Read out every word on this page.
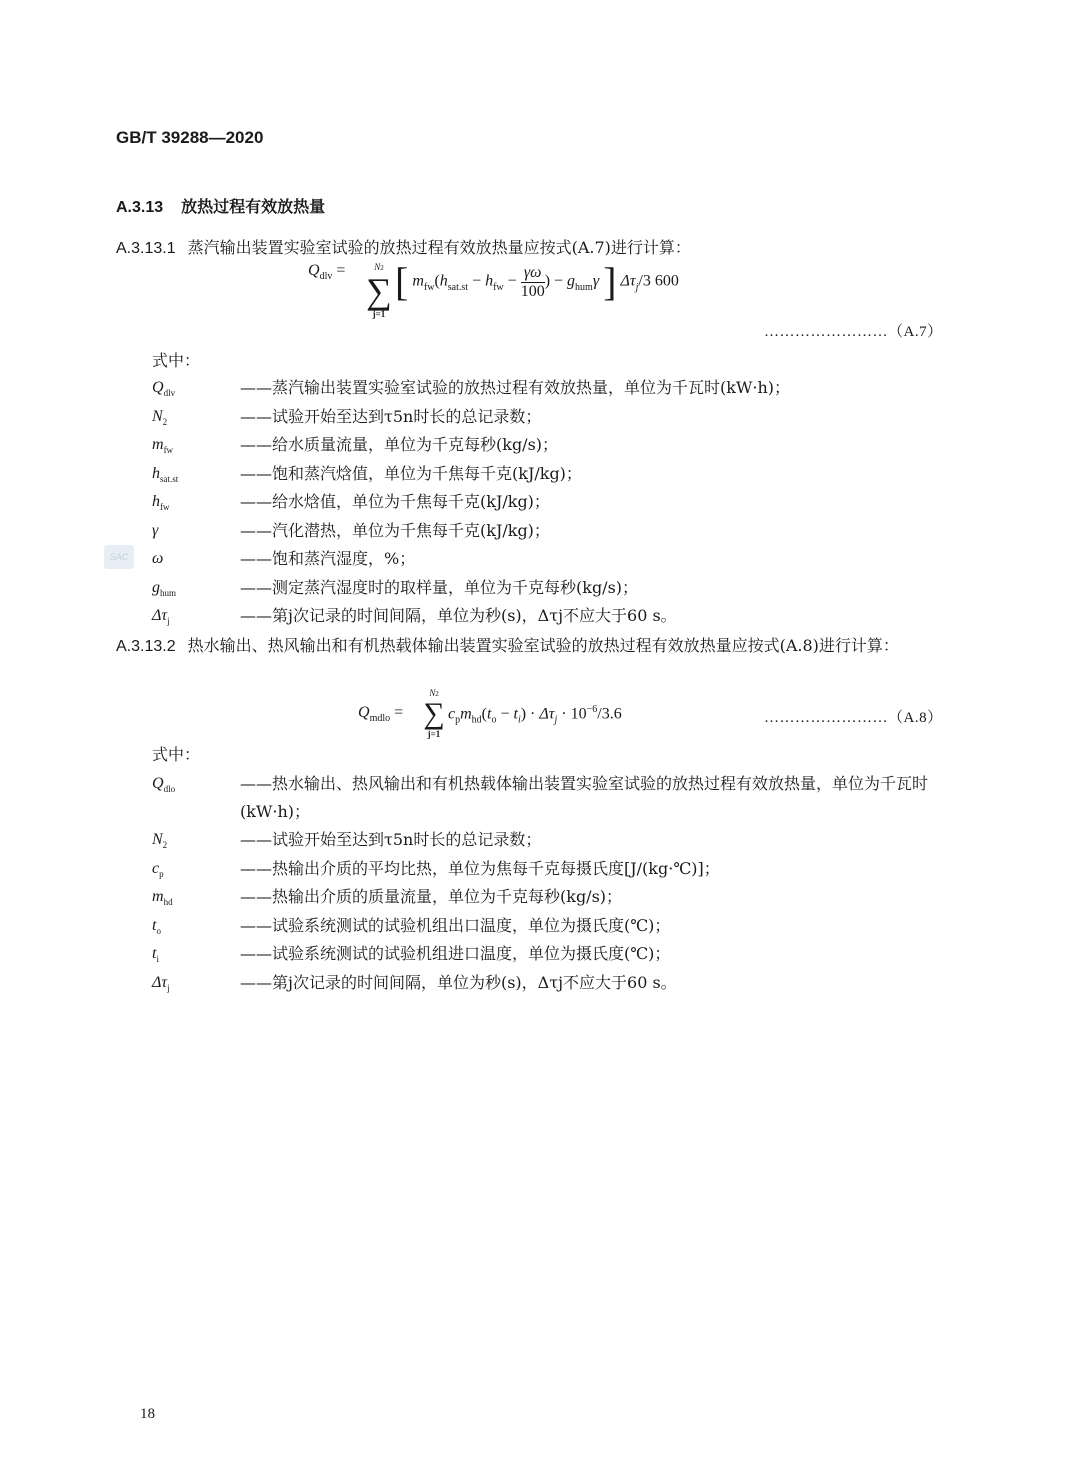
GB/T 39288—2020
A.3.13 放热过程有效放热量
A.3.13.1 蒸汽输出装置实验室试验的放热过程有效放热量应按式(A.7)进行计算：
$Q_{dlv}$ =	N2
∑
j=1
[ $m_{fw}(h_{sat.st} - h_{fw} - \frac{\gamma\omega}{100}$ ) − $g_{hum}\gamma$ ] $\Delta\tau_j/3$ 600
……………………（A.7）
式中：
$Q_{dlv}$	——蒸汽输出装置实验室试验的放热过程有效放热量，单位为千瓦时(kW·h)；
$N_2$	——试验开始至达到τ5n时长的总记录数；
$m_{fw}$	——给水质量流量，单位为千克每秒(kg/s)；
$h_{sat.st}$	——饱和蒸汽焓值，单位为千焦每千克(kJ/kg)；
$h_{fw}$	——给水焓值，单位为千焦每千克(kJ/kg)；
γ	——汽化潜热，单位为千焦每千克(kJ/kg)；
ω	——饱和蒸汽湿度，%；
$g_{hum}$	——测定蒸汽湿度时的取样量，单位为千克每秒(kg/s)；
$\Delta\tau_j$	——第j次记录的时间间隔，单位为秒(s)，Δτj不应大于60 s。
SAC
A.3.13.2 热水输出、热风输出和有机热载体输出装置实验室试验的放热过程有效放热量应按式(A.8)进行计算：
$Q_{mdlo}$ =
N2
∑
j=1
$c_pm_{hd}(t_o - t_i) \cdot \Delta\tau_j \cdot 10^{-6}/3.6$	……………………（A.8）
式中：
$Q_{dlo}$	——热水输出、热风输出和有机热载体输出装置实验室试验的放热过程有效放热量，单位为千瓦时(kW·h)；
$N_2$	——试验开始至达到τ5n时长的总记录数；
$c_p$	——热输出介质的平均比热，单位为焦每千克每摄氏度[J/(kg·℃)]；
$m_{hd}$	——热输出介质的质量流量，单位为千克每秒(kg/s)；
$t_o$	——试验系统测试的试验机组出口温度，单位为摄氏度(℃)；
$t_i$	——试验系统测试的试验机组进口温度，单位为摄氏度(℃)；
$\Delta\tau_j$	——第j次记录的时间间隔，单位为秒(s)，Δτj不应大于60 s。
18
